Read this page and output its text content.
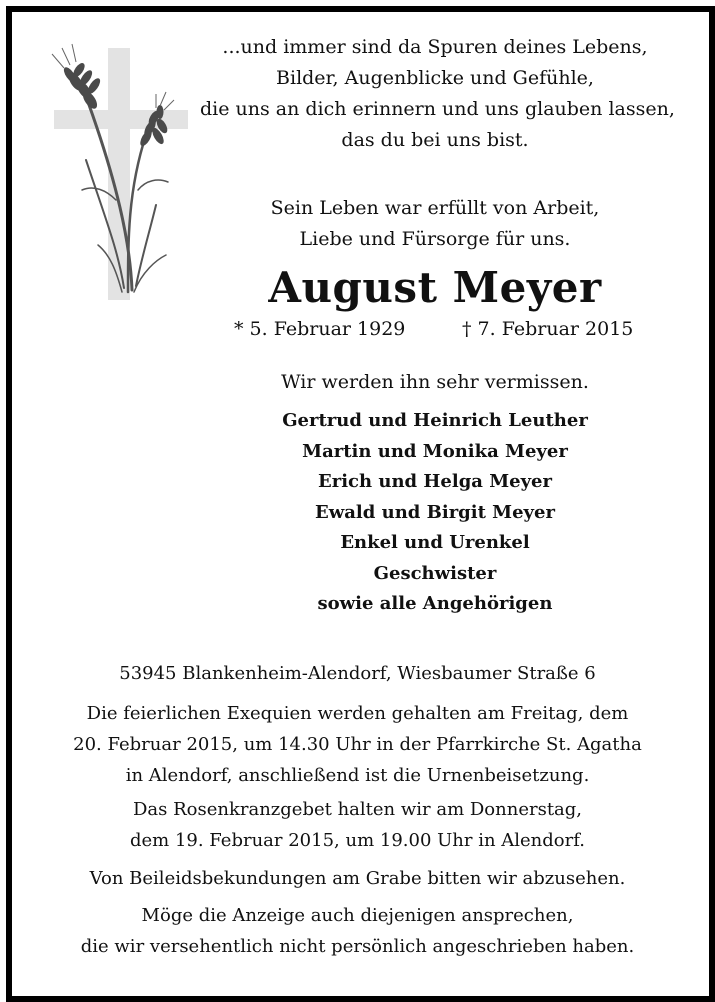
...und immer sind da Spuren deines Lebens,
Bilder, Augenblicke und Gefühle,
die uns an dich erinnern und uns glauben lassen,
das du bei uns bist.
Sein Leben war erfüllt von Arbeit,
Liebe und Fürsorge für uns.
August Meyer
* 5. Februar 1929	† 7. Februar 2015
Wir werden ihn sehr vermissen.
Gertrud und Heinrich Leuther
Martin und Monika Meyer
Erich und Helga Meyer
Ewald und Birgit Meyer
Enkel und Urenkel
Geschwister
sowie alle Angehörigen
53945 Blankenheim-Alendorf, Wiesbaumer Straße 6
Die feierlichen Exequien werden gehalten am Freitag, dem
20. Februar 2015, um 14.30 Uhr in der Pfarrkirche St. Agatha
in Alendorf, anschließend ist die Urnenbeisetzung.
Das Rosenkranzgebet halten wir am Donnerstag,
dem 19. Februar 2015, um 19.00 Uhr in Alendorf.
Von Beileidsbekundungen am Grabe bitten wir abzusehen.
Möge die Anzeige auch diejenigen ansprechen,
die wir versehentlich nicht persönlich angeschrieben haben.
